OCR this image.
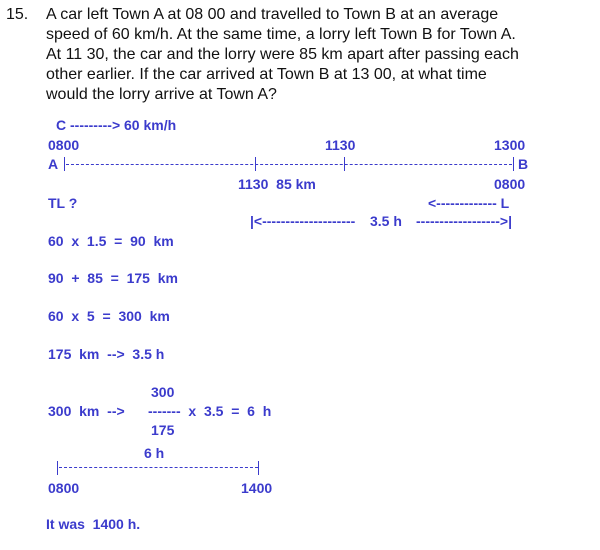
15. A car left Town A at 08 00 and travelled to Town B at an average
speed of 60 km/h. At the same time, a lorry left Town B for Town A.
At 11 30, the car and the lorry were 85 km apart after passing each
other earlier. If the car arrived at Town B at 13 00, at what time
would the lorry arrive at Town A?
C ---------> 60 km/h
0800	1130	1300
A	B
1130  85 km	0800
TL ?	<------------- L
|<-------------------- 3.5 h ------------------>|
60  x  1.5  =  90  km
90  +  85  =  175  km
60  x  5  =  300  km
175  km  -->  3.5 h
300
300  km  -->      -------  x  3.5  =  6  h
175
6 h
0800	1400
It was  1400 h.
